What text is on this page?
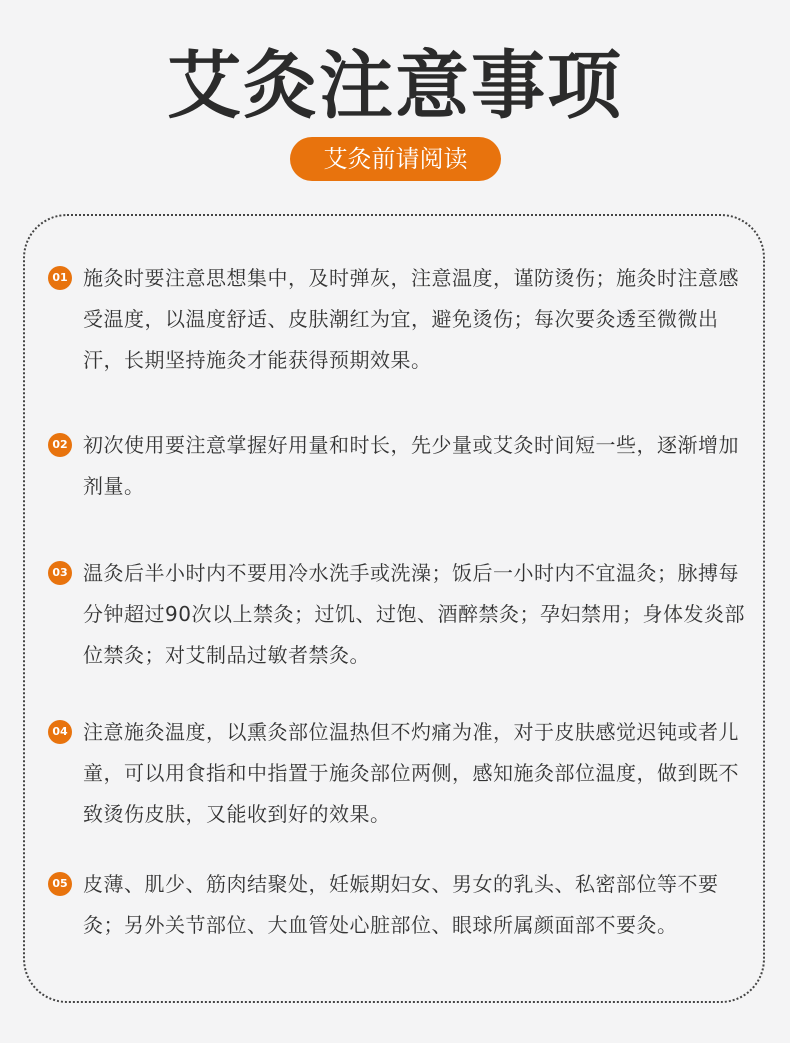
艾灸注意事项
艾灸前请阅读
01 施灸时要注意思想集中，及时弹灰，注意温度，谨防烫伤；施灸时注意感受温度，以温度舒适、皮肤潮红为宜，避免烫伤；每次要灸透至微微出汗，长期坚持施灸才能获得预期效果。
02 初次使用要注意掌握好用量和时长，先少量或艾灸时间短一些，逐渐增加剂量。
03 温灸后半小时内不要用冷水洗手或洗澡；饭后一小时内不宜温灸；脉搏每分钟超过90次以上禁灸；过饥、过饱、酒醉禁灸；孕妇禁用；身体发炎部位禁灸；对艾制品过敏者禁灸。
04 注意施灸温度，以熏灸部位温热但不灼痛为准，对于皮肤感觉迟钝或者儿童，可以用食指和中指置于施灸部位两侧，感知施灸部位温度，做到既不致烫伤皮肤，又能收到好的效果。
05 皮薄、肌少、筋肉结聚处，妊娠期妇女、男女的乳头、私密部位等不要灸；另外关节部位、大血管处心脏部位、眼球所属颜面部不要灸。
